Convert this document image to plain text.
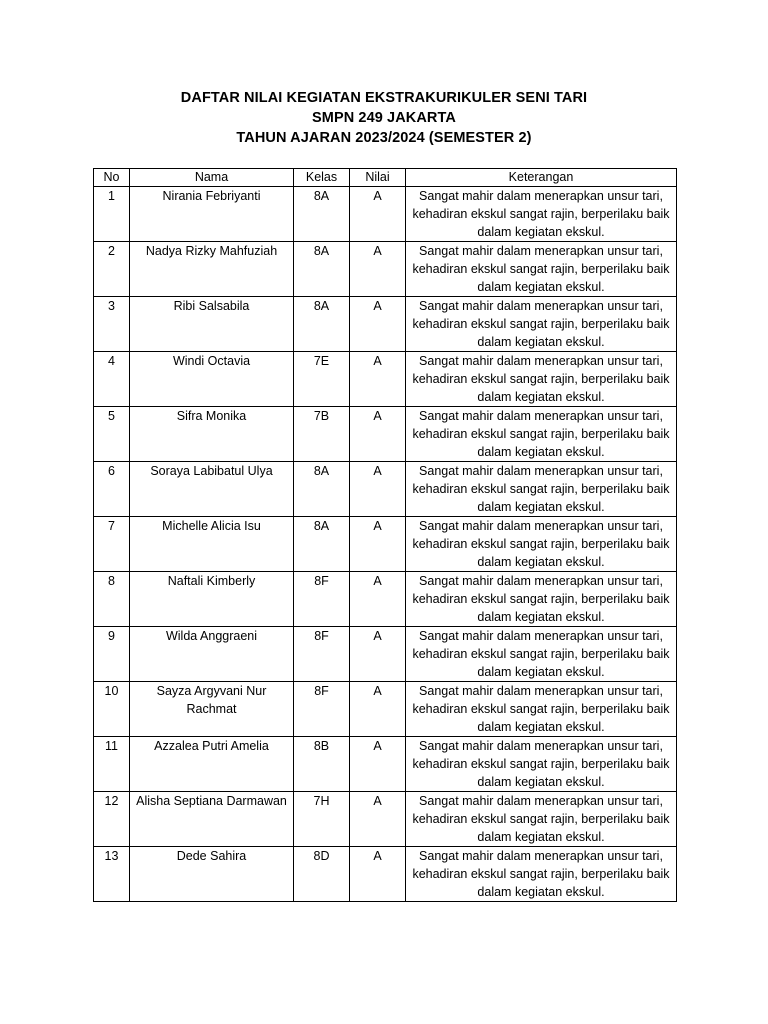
DAFTAR NILAI KEGIATAN EKSTRAKURIKULER SENI TARI
SMPN 249 JAKARTA
TAHUN AJARAN 2023/2024 (SEMESTER 2)
No	Nama	Kelas	Nilai	Keterangan
1	Nirania Febriyanti	8A	A	Sangat mahir dalam menerapkan unsur tari, kehadiran ekskul sangat rajin, berperilaku baik dalam kegiatan ekskul.
2	Nadya Rizky Mahfuziah	8A	A	Sangat mahir dalam menerapkan unsur tari, kehadiran ekskul sangat rajin, berperilaku baik dalam kegiatan ekskul.
3	Ribi Salsabila	8A	A	Sangat mahir dalam menerapkan unsur tari, kehadiran ekskul sangat rajin, berperilaku baik dalam kegiatan ekskul.
4	Windi Octavia	7E	A	Sangat mahir dalam menerapkan unsur tari, kehadiran ekskul sangat rajin, berperilaku baik dalam kegiatan ekskul.
5	Sifra Monika	7B	A	Sangat mahir dalam menerapkan unsur tari, kehadiran ekskul sangat rajin, berperilaku baik dalam kegiatan ekskul.
6	Soraya Labibatul Ulya	8A	A	Sangat mahir dalam menerapkan unsur tari, kehadiran ekskul sangat rajin, berperilaku baik dalam kegiatan ekskul.
7	Michelle Alicia Isu	8A	A	Sangat mahir dalam menerapkan unsur tari, kehadiran ekskul sangat rajin, berperilaku baik dalam kegiatan ekskul.
8	Naftali Kimberly	8F	A	Sangat mahir dalam menerapkan unsur tari, kehadiran ekskul sangat rajin, berperilaku baik dalam kegiatan ekskul.
9	Wilda Anggraeni	8F	A	Sangat mahir dalam menerapkan unsur tari, kehadiran ekskul sangat rajin, berperilaku baik dalam kegiatan ekskul.
10	Sayza Argyvani Nur Rachmat	8F	A	Sangat mahir dalam menerapkan unsur tari, kehadiran ekskul sangat rajin, berperilaku baik dalam kegiatan ekskul.
11	Azzalea Putri Amelia	8B	A	Sangat mahir dalam menerapkan unsur tari, kehadiran ekskul sangat rajin, berperilaku baik dalam kegiatan ekskul.
12	Alisha Septiana Darmawan	7H	A	Sangat mahir dalam menerapkan unsur tari, kehadiran ekskul sangat rajin, berperilaku baik dalam kegiatan ekskul.
13	Dede Sahira	8D	A	Sangat mahir dalam menerapkan unsur tari, kehadiran ekskul sangat rajin, berperilaku baik dalam kegiatan ekskul.
